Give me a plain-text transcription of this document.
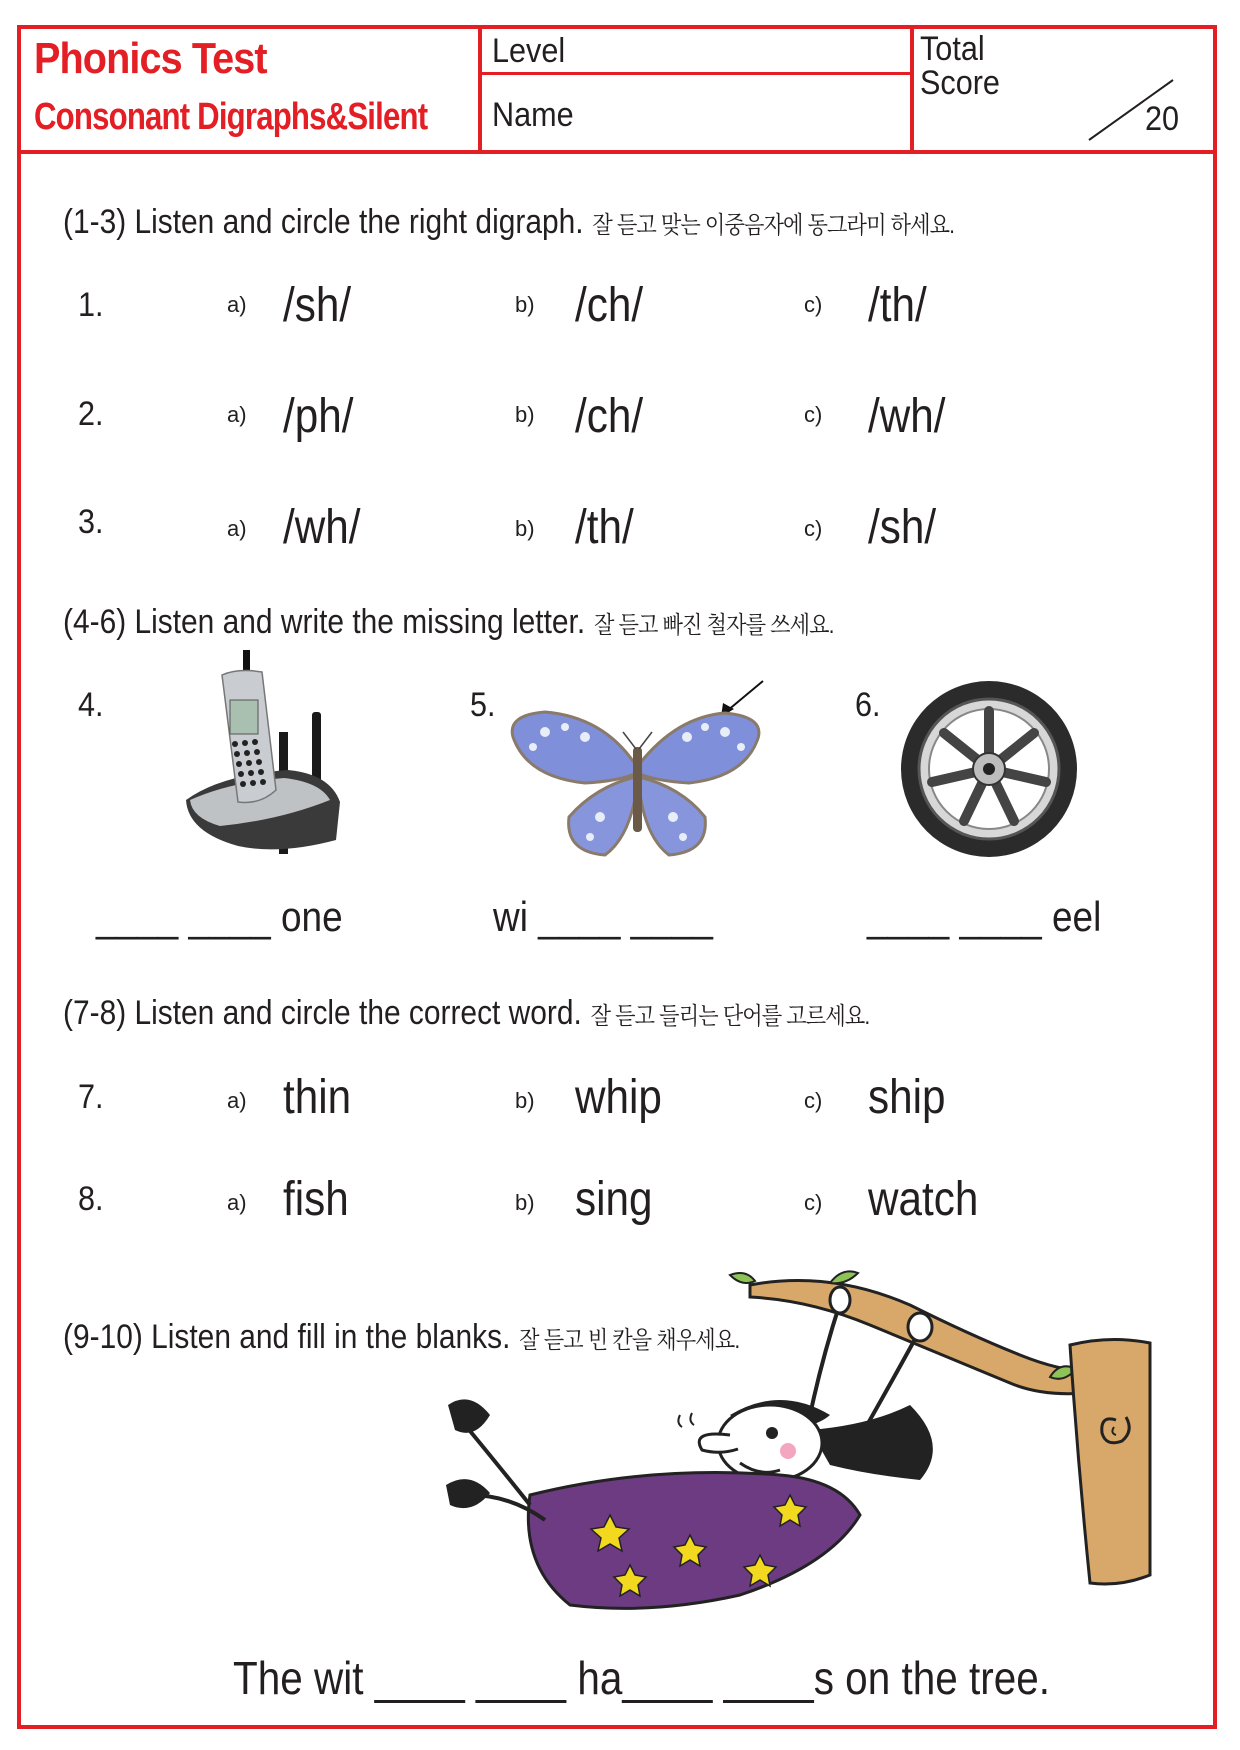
Phonics Test
Consonant Digraphs&Silent
Level
Name
Total
Score
20
(1-3) Listen and circle the right digraph. 잘 듣고 맞는 이중음자에 동그라미 하세요.
1.	a) /sh/	b) /ch/	c) /th/
2.	a) /ph/	b) /ch/	c) /wh/
3.	a) /wh/	b) /th/	c) /sh/
(4-6) Listen and write the missing letter. 잘 듣고 빠진 철자를 쓰세요.
4.	5.	6.
____ ____ one	wi ____ ____	____ ____ eel
(7-8) Listen and circle the correct word. 잘 듣고 들리는 단어를 고르세요.
7.	a) thin	b) whip	c) ship
8.	a) fish	b) sing	c) watch
(9-10) Listen and fill in the blanks. 잘 듣고 빈 칸을 채우세요.
The wit ____ ____ ha____ ____s on the tree.
